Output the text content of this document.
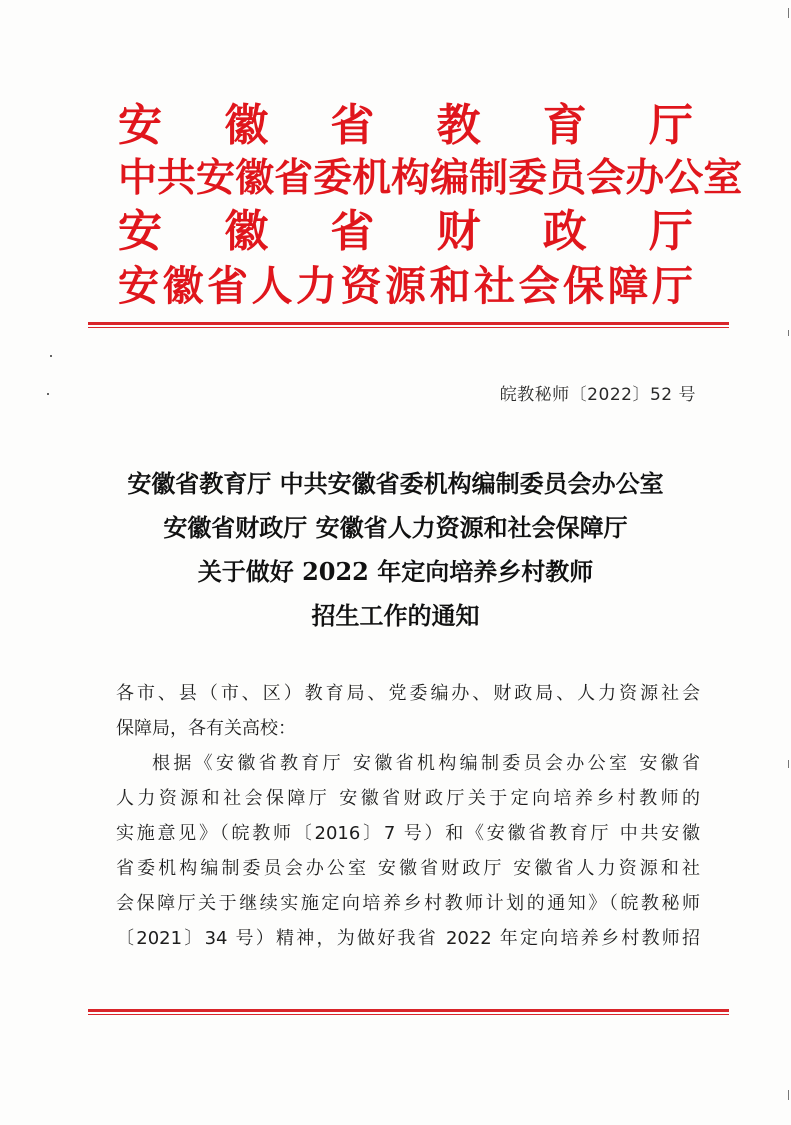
安 徽 省 教 育 厅
中 共 安 徽 省 委 机 构 编 制 委 员 会 办 公 室
安 徽 省 财 政 厅
安 徽 省 人 力 资 源 和 社 会 保 障 厅
皖教秘师〔2022〕52 号
安徽省教育厅 中共安徽省委机构编制委员会办公室
安徽省财政厅 安徽省人力资源和社会保障厅
关于做好 2022 年定向培养乡村教师
招生工作的通知
各市、县（市、区）教育局、党委编办、财政局、人力资源社会
保障局，各有关高校：
根据《安徽省教育厅 安徽省机构编制委员会办公室 安徽省
人力资源和社会保障厅 安徽省财政厅关于定向培养乡村教师的
实施意见》（皖教师〔2016〕7 号）和《安徽省教育厅 中共安徽
省委机构编制委员会办公室 安徽省财政厅 安徽省人力资源和社
会保障厅关于继续实施定向培养乡村教师计划的通知》（皖教秘师
〔2021〕34 号）精神，为做好我省 2022 年定向培养乡村教师招
